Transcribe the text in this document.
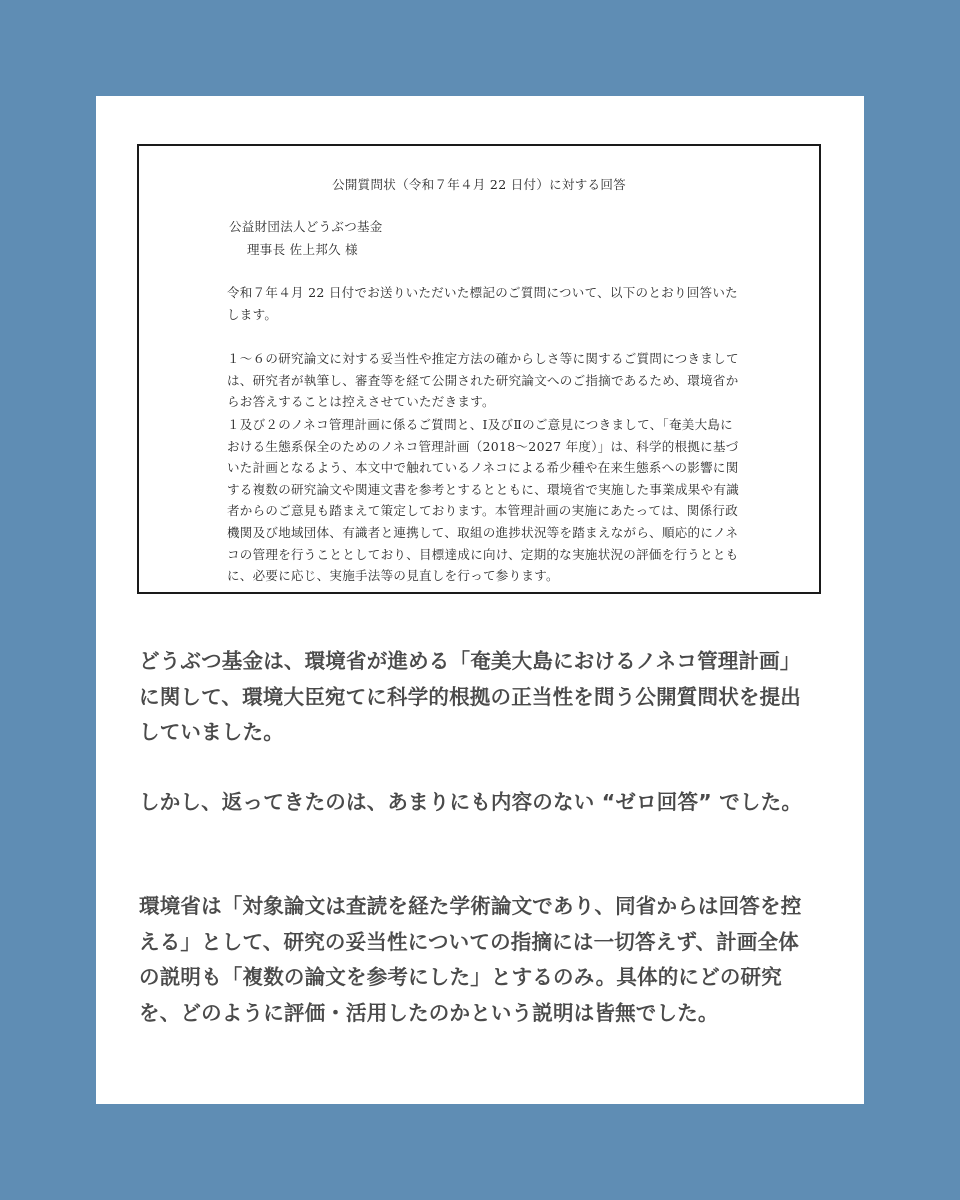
公開質問状（令和７年４月 22 日付）に対する回答
公益財団法人どうぶつ基金
理事長 佐上邦久 様
令和７年４月 22 日付でお送りいただいた標記のご質問について、以下のとおり回答いたします。
１～６の研究論文に対する妥当性や推定方法の確からしさ等に関するご質問につきましては、研究者が執筆し、審査等を経て公開された研究論文へのご指摘であるため、環境省からお答えすることは控えさせていただきます。
１及び２のノネコ管理計画に係るご質問と、Ⅰ及びⅡのご意見につきまして、「奄美大島における生態系保全のためのノネコ管理計画（2018～2027 年度）」は、科学的根拠に基づいた計画となるよう、本文中で触れているノネコによる希少種や在来生態系への影響に関する複数の研究論文や関連文書を参考とするとともに、環境省で実施した事業成果や有識者からのご意見も踏まえて策定しております。本管理計画の実施にあたっては、関係行政機関及び地域団体、有識者と連携して、取組の進捗状況等を踏まえながら、順応的にノネコの管理を行うこととしており、目標達成に向け、定期的な実施状況の評価を行うとともに、必要に応じ、実施手法等の見直しを行って参ります。
どうぶつ基金は、環境省が進める「奄美大島におけるノネコ管理計画」に関して、環境大臣宛てに科学的根拠の正当性を問う公開質問状を提出していました。
しかし、返ってきたのは、あまりにも内容のない “ゼロ回答” でした。
環境省は「対象論文は査読を経た学術論文であり、同省からは回答を控える」として、研究の妥当性についての指摘には一切答えず、計画全体の説明も「複数の論文を参考にした」とするのみ。具体的にどの研究を、どのように評価・活用したのかという説明は皆無でした。
